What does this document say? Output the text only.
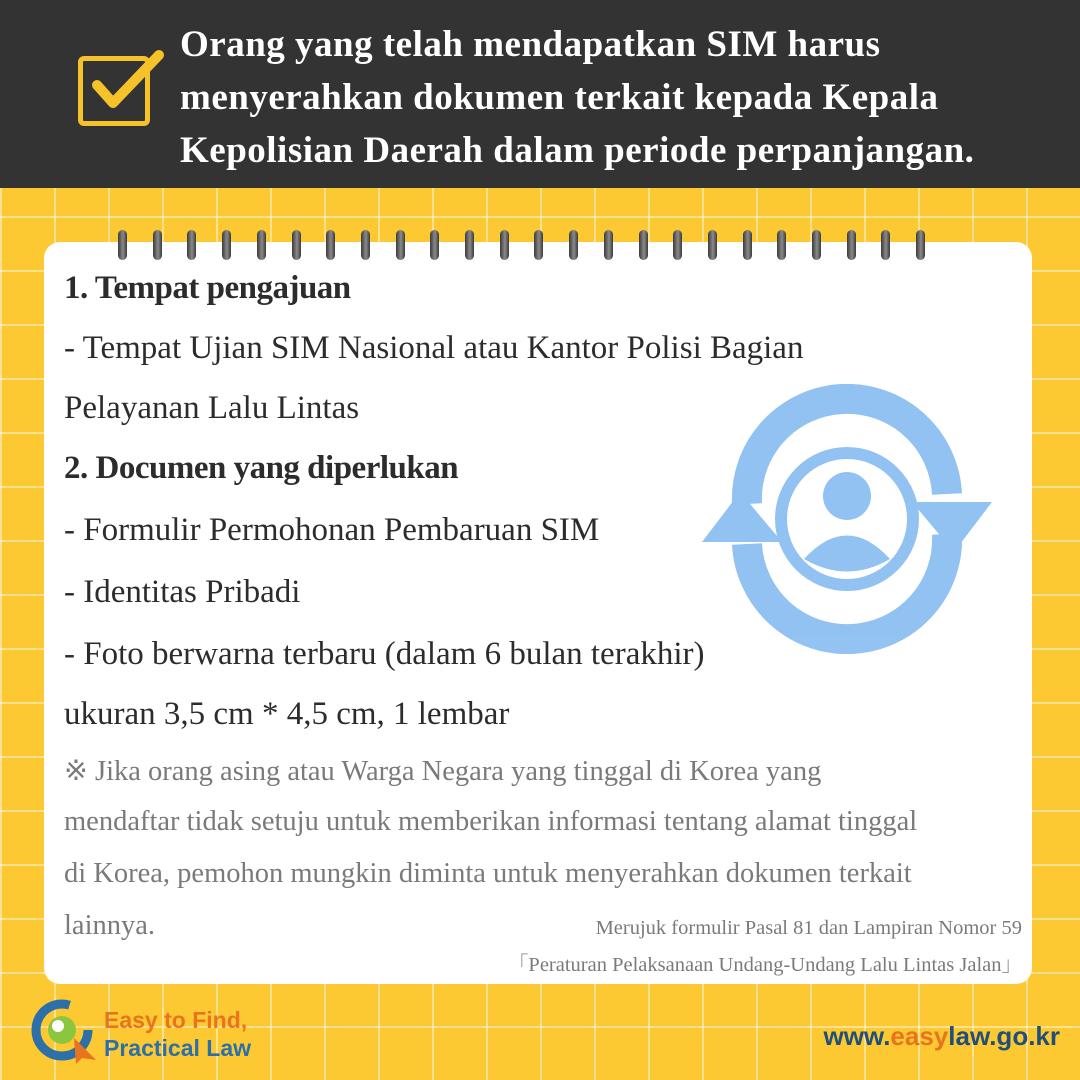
Orang yang telah mendapatkan SIM harus
menyerahkan dokumen terkait kepada Kepala
Kepolisian Daerah dalam periode perpanjangan.
1. Tempat pengajuan
- Tempat Ujian SIM Nasional atau Kantor Polisi Bagian
Pelayanan Lalu Lintas
2. Documen yang diperlukan
- Formulir Permohonan Pembaruan SIM
- Identitas Pribadi
- Foto berwarna terbaru (dalam 6 bulan terakhir)
ukuran 3,5 cm * 4,5 cm, 1 lembar
※ Jika orang asing atau Warga Negara yang tinggal di Korea yang
mendaftar tidak setuju untuk memberikan informasi tentang alamat tinggal
di Korea, pemohon mungkin diminta untuk menyerahkan dokumen terkait
lainnya.	Merujuk formulir Pasal 81 dan Lampiran Nomor 59
「Peraturan Pelaksanaan Undang-Undang Lalu Lintas Jalan」
Easy to Find,
Practical Law	www.easylaw.go.kr
